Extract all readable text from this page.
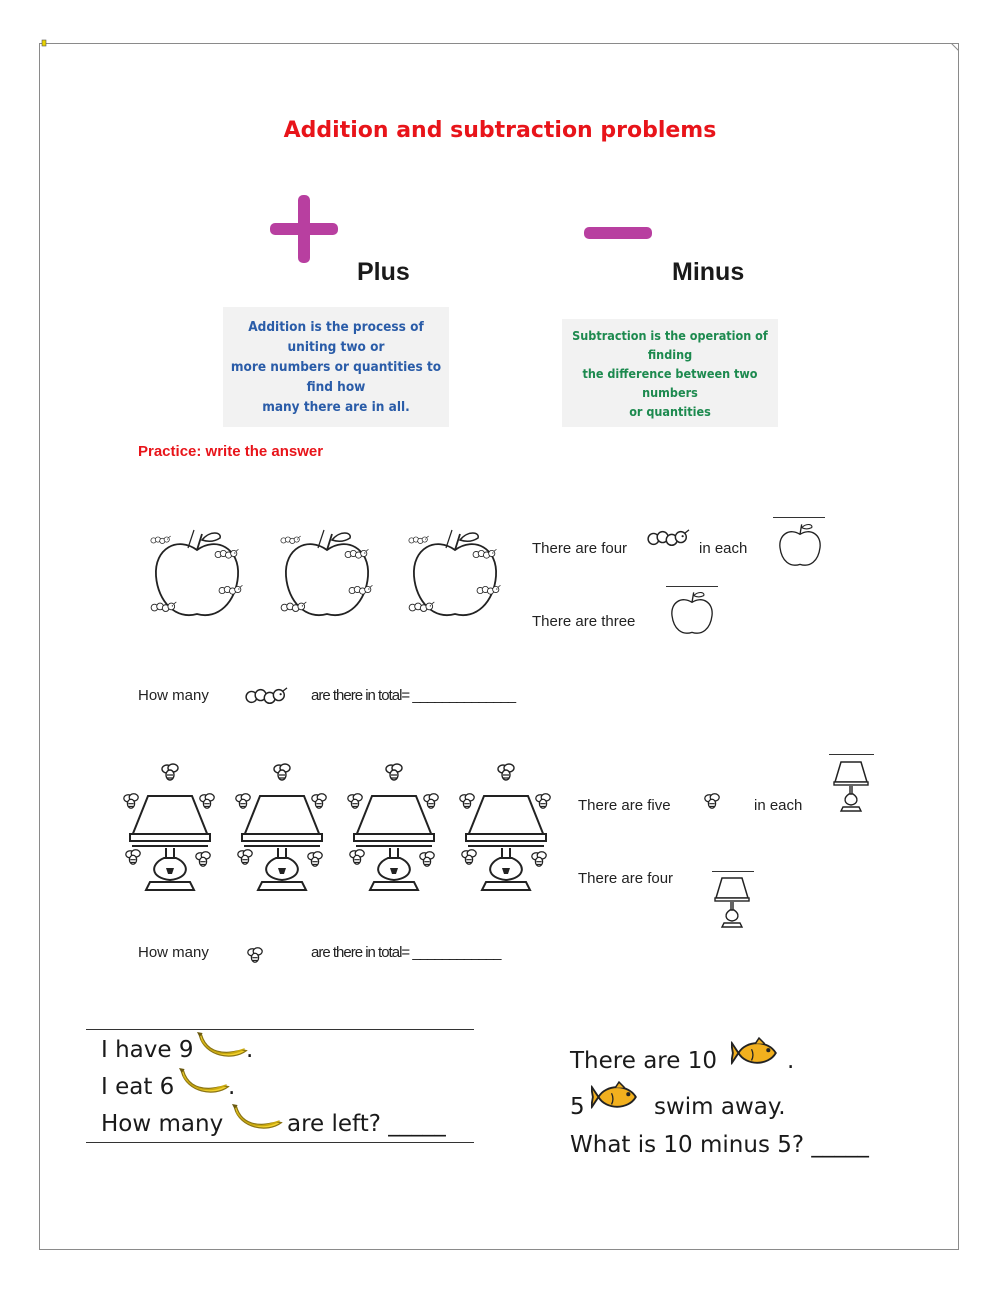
Addition and subtraction problems
Plus	Minus
Addition is the process of
uniting two or
more numbers or quantities to
find how
many there are in all.
Subtraction is the operation of
finding
the difference between two
numbers
or quantities
Practice: write the answer
There are four	in each
There are three
How many	are there in total= ______________
There are five	in each
There are four
How many	are there in total= ____________
I have 9 .
I eat 6 .
How many	are left? _____
There are 10	.
5	swim away.
What is 10 minus 5? _____
